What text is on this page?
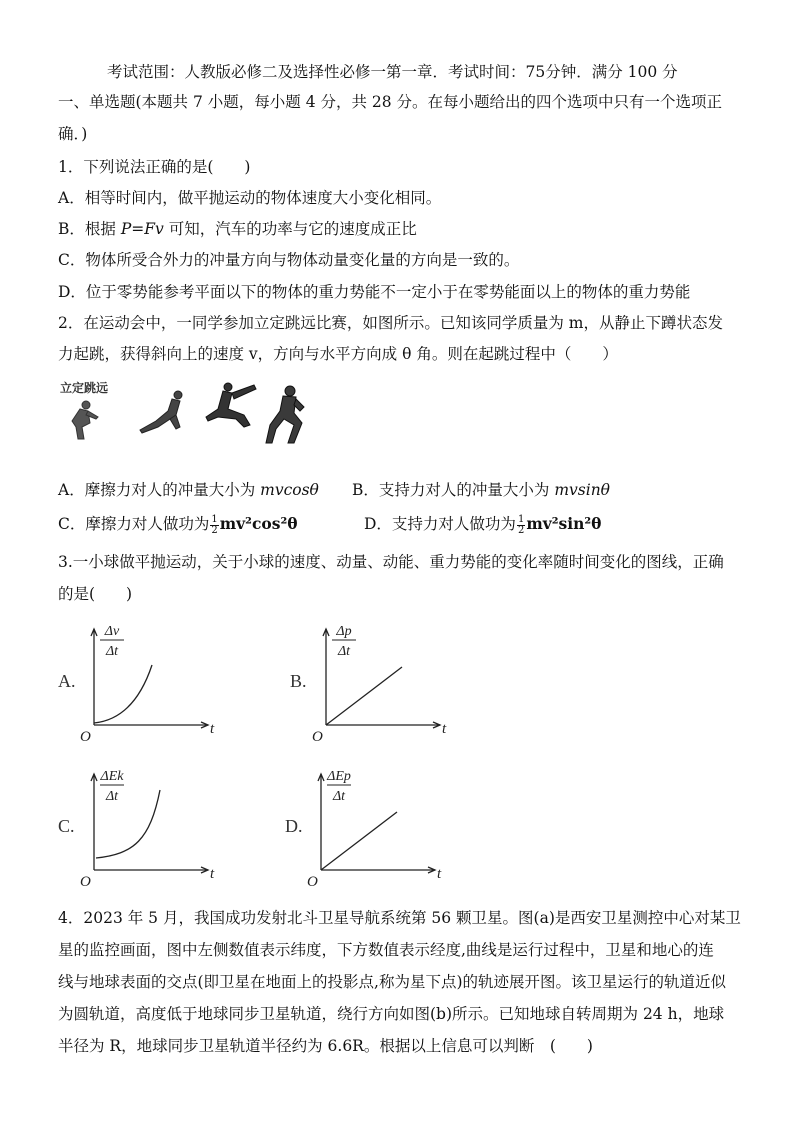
考试范围：人教版必修二及选择性必修一第一章．考试时间：75分钟．满分 100 分
一、单选题(本题共 7 小题，每小题 4 分，共 28 分。在每小题给出的四个选项中只有一个选项正
确．)
1．下列说法正确的是(　　)
A．相等时间内，做平抛运动的物体速度大小变化相同。
B．根据 P=Fv 可知，汽车的功率与它的速度成正比
C．物体所受合外力的冲量方向与物体动量变化量的方向是一致的。
D．位于零势能参考平面以下的物体的重力势能不一定小于在零势能面以上的物体的重力势能
2．在运动会中，一同学参加立定跳远比赛，如图所示。已知该同学质量为 m，从静止下蹲状态发
力起跳，获得斜向上的速度 v，方向与水平方向成 θ 角。则在起跳过程中（　　）
立定跳远
A．摩擦力对人的冲量大小为 mvcosθ B．支持力对人的冲量大小为 mvsinθ
C．摩擦力对人做功为 $\frac{1}{2} mv^2\cos^2\theta$	D．支持力对人做功为 $\frac{1}{2} mv^2\sin^2\theta$
3.一小球做平抛运动，关于小球的速度、动量、动能、重力势能的变化率随时间变化的图线，正确
的是(　　)
A.
Δv
Δt
O	t
B.
Δp
Δt
O	t
C.
ΔEk
Δt
O	t
D.
ΔEp
Δt
O	t
4．2023 年 5 月，我国成功发射北斗卫星导航系统第 56 颗卫星。图(a)是西安卫星测控中心对某卫
星的监控画面，图中左侧数值表示纬度，下方数值表示经度,曲线是运行过程中，卫星和地心的连
线与地球表面的交点(即卫星在地面上的投影点,称为星下点)的轨迹展开图。该卫星运行的轨道近似
为圆轨道，高度低于地球同步卫星轨道，绕行方向如图(b)所示。已知地球自转周期为 24 h，地球
半径为 R，地球同步卫星轨道半径约为 6.6R。根据以上信息可以判断　(　　)
